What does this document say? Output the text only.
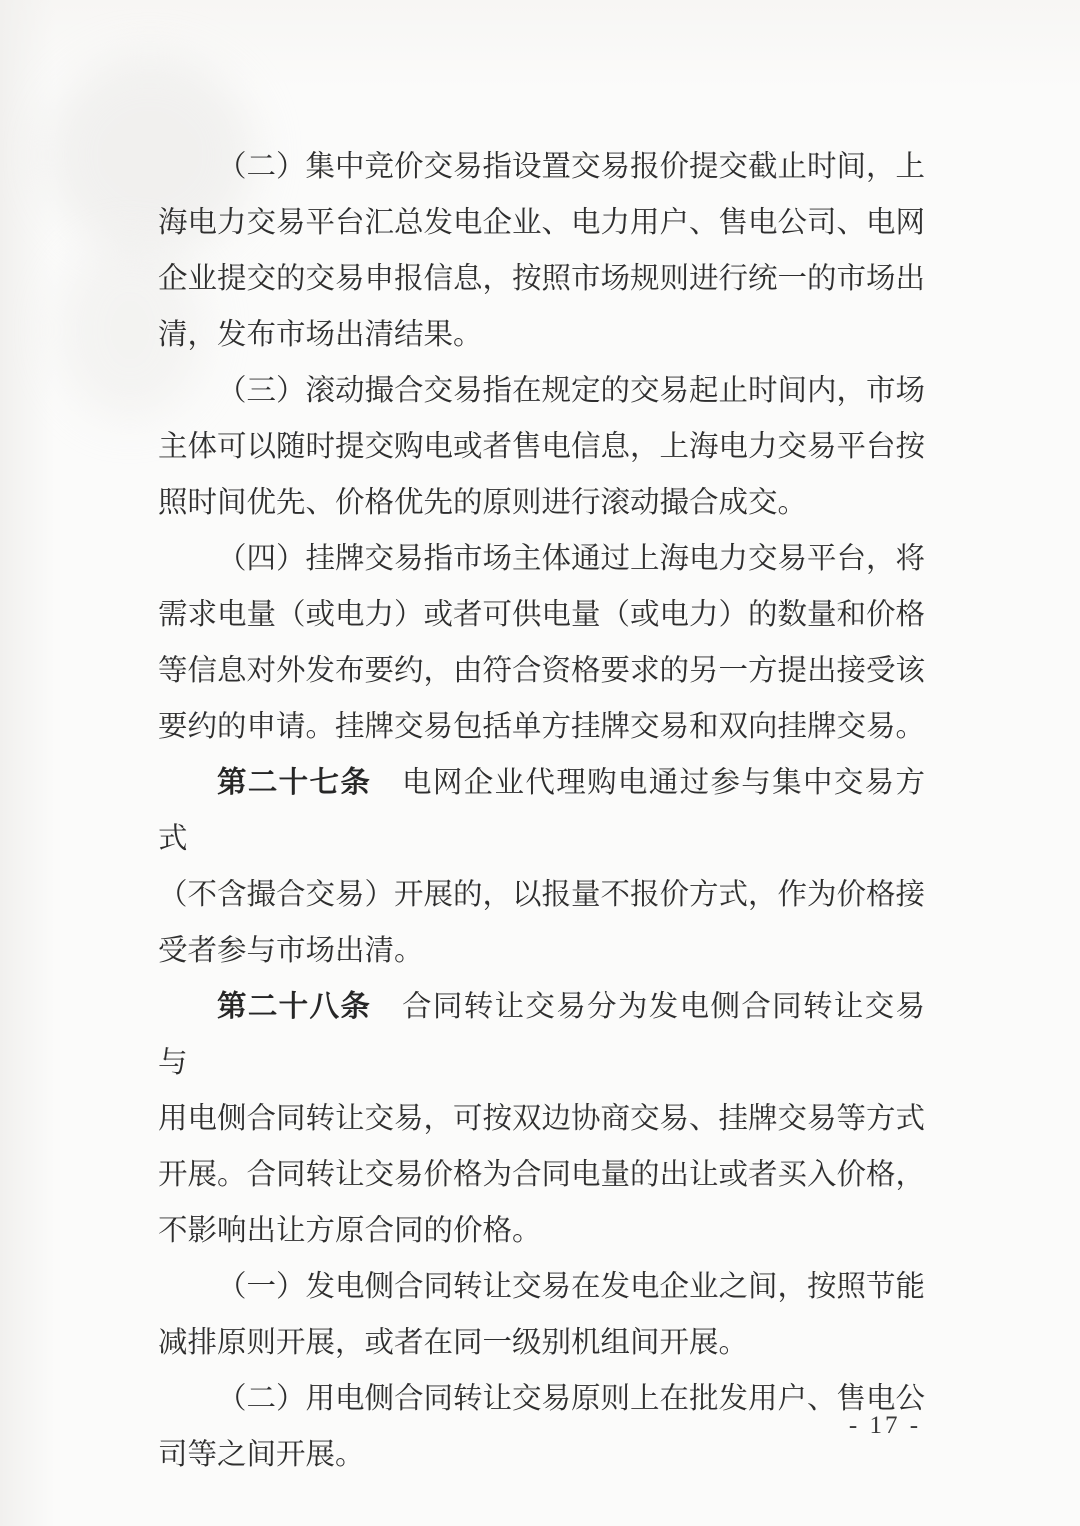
（二）集中竞价交易指设置交易报价提交截止时间，上
海电力交易平台汇总发电企业、电力用户、售电公司、电网
企业提交的交易申报信息，按照市场规则进行统一的市场出
清，发布市场出清结果。
（三）滚动撮合交易指在规定的交易起止时间内，市场
主体可以随时提交购电或者售电信息，上海电力交易平台按
照时间优先、价格优先的原则进行滚动撮合成交。
（四）挂牌交易指市场主体通过上海电力交易平台，将
需求电量（或电力）或者可供电量（或电力）的数量和价格
等信息对外发布要约，由符合资格要求的另一方提出接受该
要约的申请。挂牌交易包括单方挂牌交易和双向挂牌交易。
第二十七条　电网企业代理购电通过参与集中交易方式
（不含撮合交易）开展的，以报量不报价方式，作为价格接
受者参与市场出清。
第二十八条　合同转让交易分为发电侧合同转让交易与
用电侧合同转让交易，可按双边协商交易、挂牌交易等方式
开展。合同转让交易价格为合同电量的出让或者买入价格，
不影响出让方原合同的价格。
（一）发电侧合同转让交易在发电企业之间，按照节能
减排原则开展，或者在同一级别机组间开展。
（二）用电侧合同转让交易原则上在批发用户、售电公
司等之间开展。
- 17 -
